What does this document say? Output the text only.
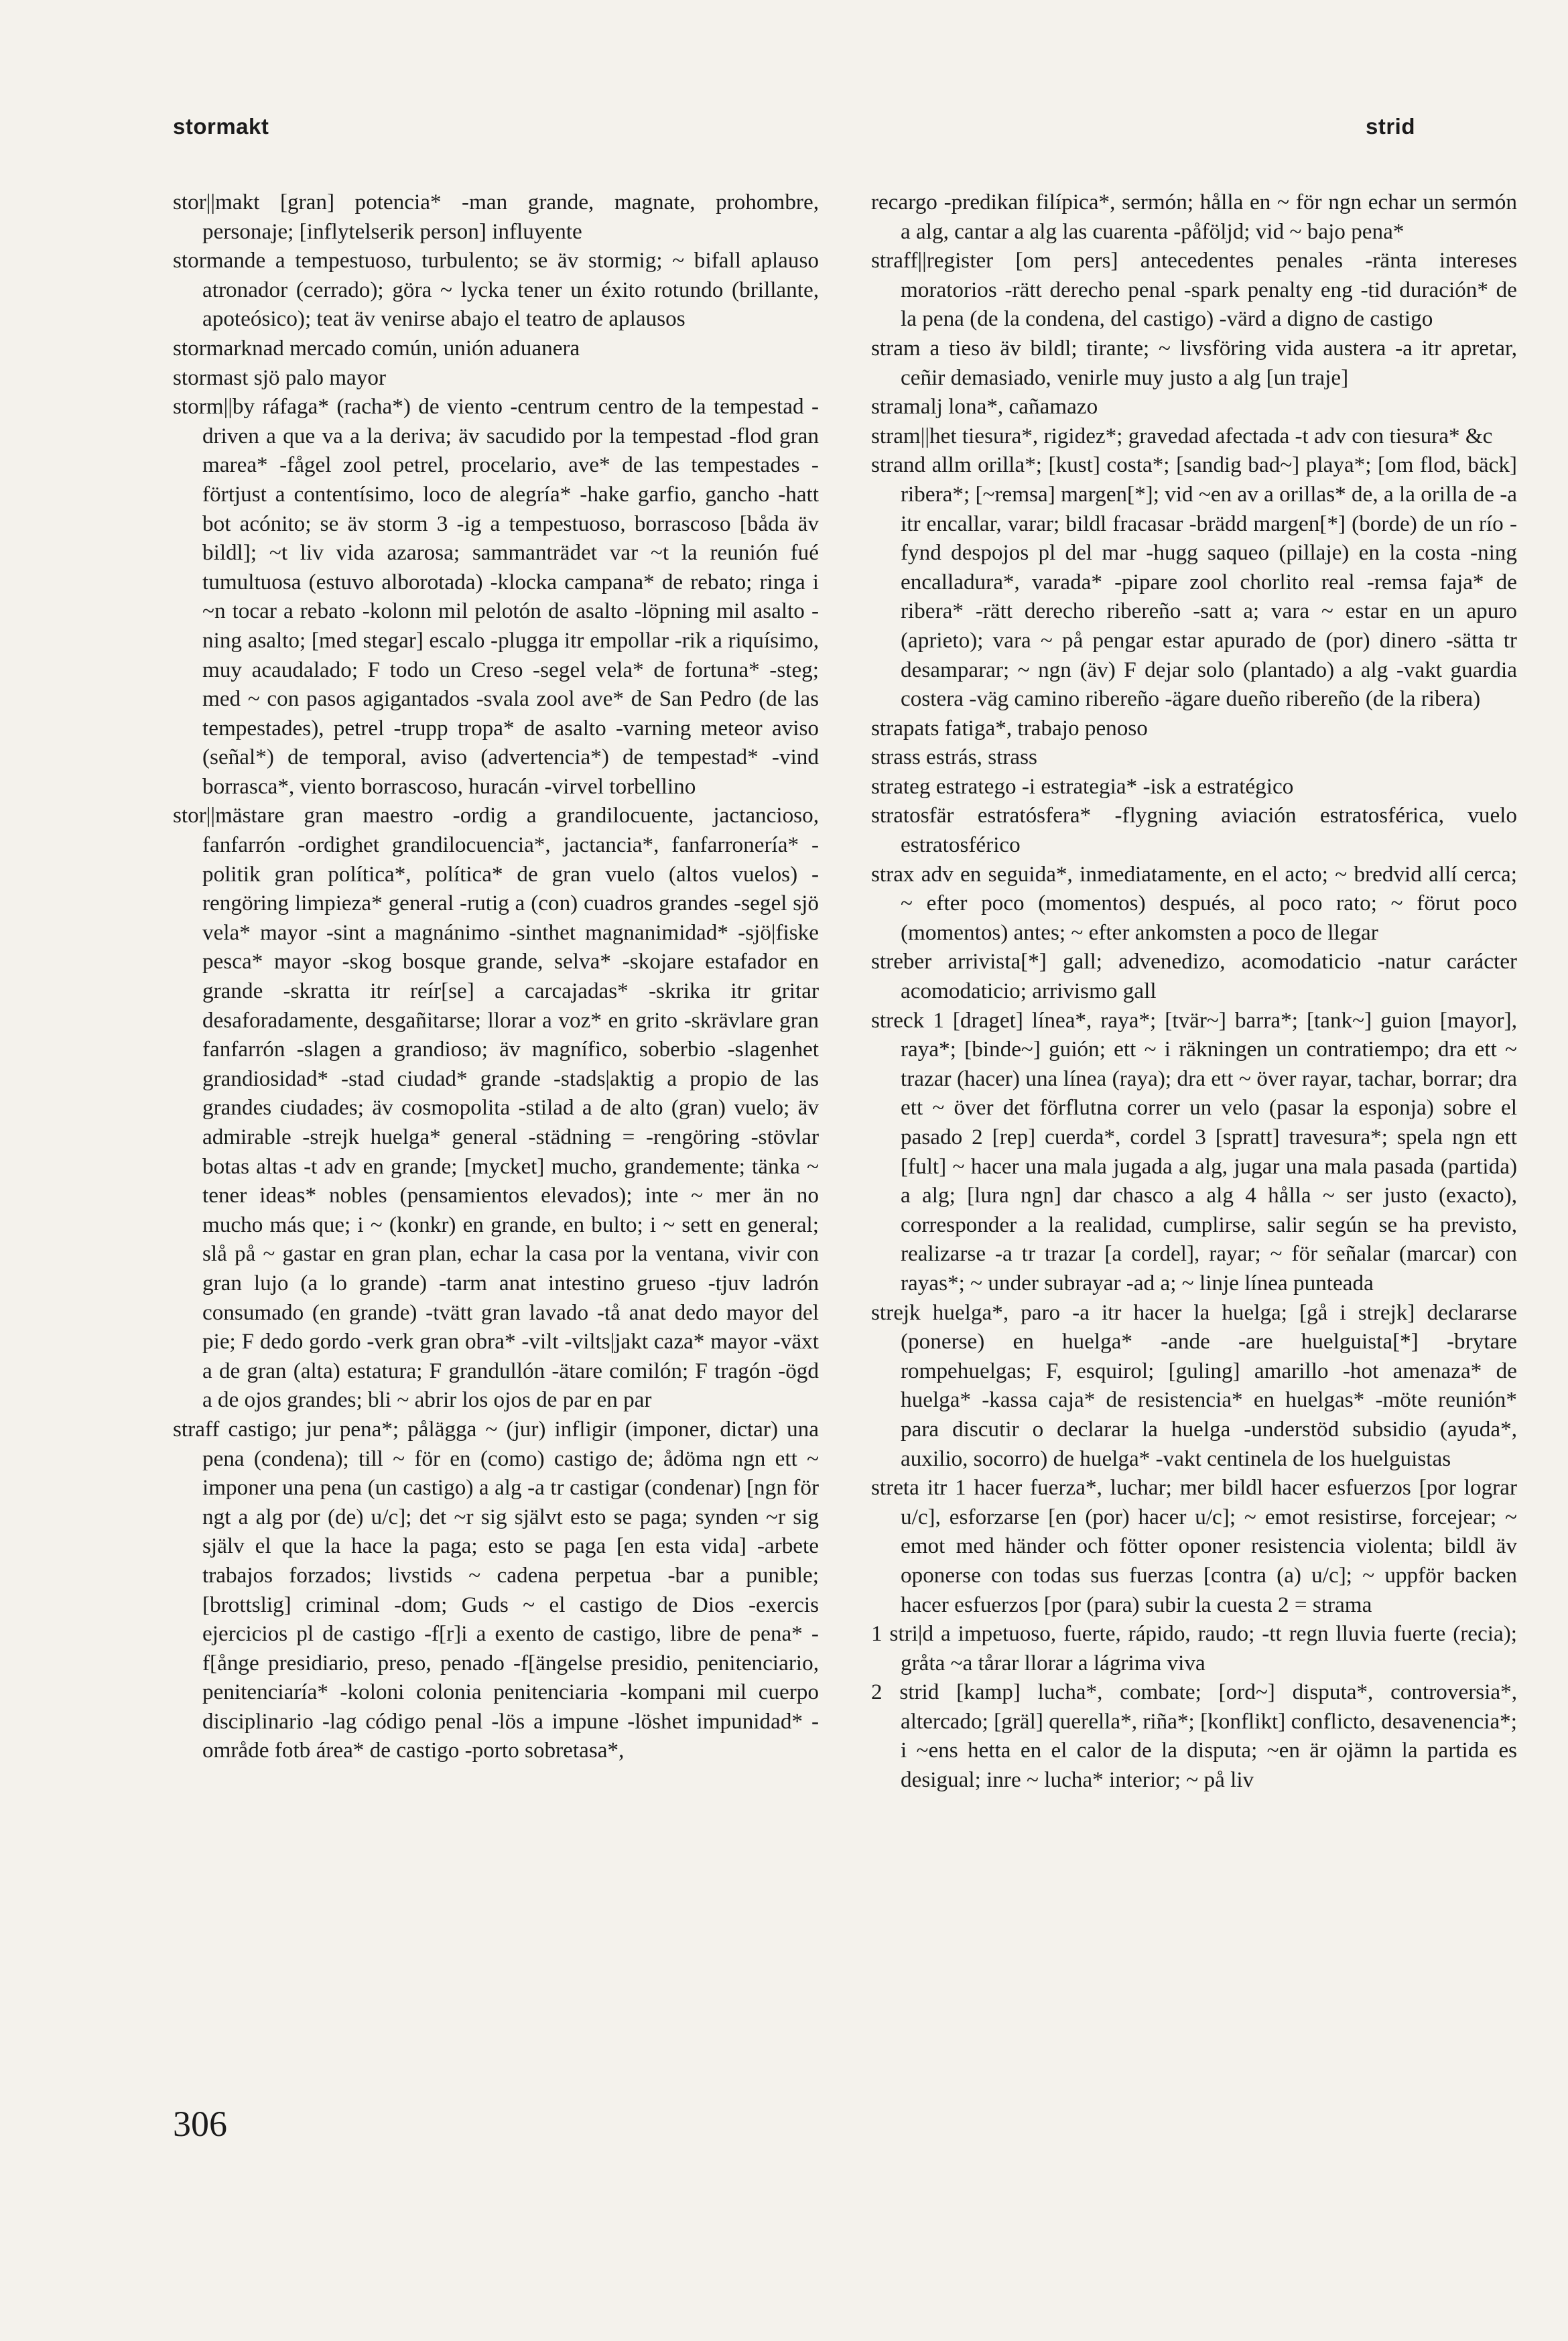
stormakt	strid

stor||makt [gran] potencia* -man grande, magnate, prohombre, personaje; [inflytelserik person] influyente

stormande a tempestuoso, turbulento; se äv stormig; ~ bifall aplauso atronador (cerrado); göra ~ lycka tener un éxito rotundo (brillante, apoteósico); teat äv venirse abajo el teatro de aplausos

stormarknad mercado común, unión aduanera

stormast sjö palo mayor

storm||by ráfaga* (racha*) de viento -centrum centro de la tempestad -driven a que va a la deriva; äv sacudido por la tempestad -flod gran marea* -fågel zool petrel, procelario, ave* de las tempestades -förtjust a contentísimo, loco de alegría* -hake garfio, gancho -hatt bot acónito; se äv storm 3 -ig a tempestuoso, borrascoso [båda äv bildl]; ~t liv vida azarosa; sammanträdet var ~t la reunión fué tumultuosa (estuvo alborotada) -klocka campana* de rebato; ringa i ~n tocar a rebato -kolonn mil pelotón de asalto -löpning mil asalto -ning asalto; [med stegar] escalo -plugga itr empollar -rik a riquísimo, muy acaudalado; F todo un Creso -segel vela* de fortuna* -steg; med ~ con pasos agigantados -svala zool ave* de San Pedro (de las tempestades), petrel -trupp tropa* de asalto -varning meteor aviso (señal*) de temporal, aviso (advertencia*) de tempestad* -vind borrasca*, viento borrascoso, huracán -virvel torbellino

stor||mästare gran maestro -ordig a grandilocuente, jactancioso, fanfarrón -ordighet grandilocuencia*, jactancia*, fanfarronería* -politik gran política*, política* de gran vuelo (altos vuelos) -rengöring limpieza* general -rutig a (con) cuadros grandes -segel sjö vela* mayor -sint a magnánimo -sinthet magnanimidad* -sjö|fiske pesca* mayor -skog bosque grande, selva* -skojare estafador en grande -skratta itr reír[se] a carcajadas* -skrika itr gritar desaforadamente, desgañitarse; llorar a voz* en grito -skrävlare gran fanfarrón -slagen a grandioso; äv magnífico, soberbio -slagenhet grandiosidad* -stad ciudad* grande -stads|aktig a propio de las grandes ciudades; äv cosmopolita -stilad a de alto (gran) vuelo; äv admirable -strejk huelga* general -städning = -rengöring -stövlar botas altas -t adv en grande; [mycket] mucho, grandemente; tänka ~ tener ideas* nobles (pensamientos elevados); inte ~ mer än no mucho más que; i ~ (konkr) en grande, en bulto; i ~ sett en general; slå på ~ gastar en gran plan, echar la casa por la ventana, vivir con gran lujo (a lo grande) -tarm anat intestino grueso -tjuv ladrón consumado (en grande) -tvätt gran lavado -tå anat dedo mayor del pie; F dedo gordo -verk gran obra* -vilt -vilts|jakt caza* mayor -växt a de gran (alta) estatura; F grandullón -ätare comilón; F tragón -ögd a de ojos grandes; bli ~ abrir los ojos de par en par

straff castigo; jur pena*; pålägga ~ (jur) infligir (imponer, dictar) una pena (condena); till ~ för en (como) castigo de; ådöma ngn ett ~ imponer una pena (un castigo) a alg -a tr castigar (condenar) [ngn för ngt a alg por (de) u/c]; det ~r sig självt esto se paga; synden ~r sig själv el que la hace la paga; esto se paga [en esta vida] -arbete trabajos forzados; livstids ~ cadena perpetua -bar a punible; [brottslig] criminal -dom; Guds ~ el castigo de Dios -exercis ejercicios pl de castigo -f[r]i a exento de castigo, libre de pena* -f[ånge presidiario, preso, penado -f[ängelse presidio, penitenciario, penitenciaría* -koloni colonia penitenciaria -kompani mil cuerpo disciplinario -lag código penal -lös a impune -löshet impunidad* -område fotb área* de castigo -porto sobretasa*,

recargo -predikan filípica*, sermón; hålla en ~ för ngn echar un sermón a alg, cantar a alg las cuarenta -påföljd; vid ~ bajo pena*

straff||register [om pers] antecedentes penales -ränta intereses moratorios -rätt derecho penal -spark penalty eng -tid duración* de la pena (de la condena, del castigo) -värd a digno de castigo

stram a tieso äv bildl; tirante; ~ livsföring vida austera -a itr apretar, ceñir demasiado, venirle muy justo a alg [un traje]

stramalj lona*, cañamazo

stram||het tiesura*, rigidez*; gravedad afectada -t adv con tiesura* &c

strand allm orilla*; [kust] costa*; [sandig bad~] playa*; [om flod, bäck] ribera*; [~remsa] margen[*]; vid ~en av a orillas* de, a la orilla de -a itr encallar, varar; bildl fracasar -brädd margen[*] (borde) de un río -fynd despojos pl del mar -hugg saqueo (pillaje) en la costa -ning encalladura*, varada* -pipare zool chorlito real -remsa faja* de ribera* -rätt derecho ribereño -satt a; vara ~ estar en un apuro (aprieto); vara ~ på pengar estar apurado de (por) dinero -sätta tr desamparar; ~ ngn (äv) F dejar solo (plantado) a alg -vakt guardia costera -väg camino ribereño -ägare dueño ribereño (de la ribera)

strapats fatiga*, trabajo penoso

strass estrás, strass

strateg estratego -i estrategia* -isk a estratégico

stratosfär estratósfera* -flygning aviación estratosférica, vuelo estratosférico

strax adv en seguida*, inmediatamente, en el acto; ~ bredvid allí cerca; ~ efter poco (momentos) después, al poco rato; ~ förut poco (momentos) antes; ~ efter ankomsten a poco de llegar

streber arrivista[*] gall; advenedizo, acomodaticio -natur carácter acomodaticio; arrivismo gall

streck 1 [draget] línea*, raya*; [tvär~] barra*; [tank~] guion [mayor], raya*; [binde~] guión; ett ~ i räkningen un contratiempo; dra ett ~ trazar (hacer) una línea (raya); dra ett ~ över rayar, tachar, borrar; dra ett ~ över det förflutna correr un velo (pasar la esponja) sobre el pasado 2 [rep] cuerda*, cordel 3 [spratt] travesura*; spela ngn ett [fult] ~ hacer una mala jugada a alg, jugar una mala pasada (partida) a alg; [lura ngn] dar chasco a alg 4 hålla ~ ser justo (exacto), corresponder a la realidad, cumplirse, salir según se ha previsto, realizarse -a tr trazar [a cordel], rayar; ~ för señalar (marcar) con rayas*; ~ under subrayar -ad a; ~ linje línea punteada

strejk huelga*, paro -a itr hacer la huelga; [gå i strejk] declararse (ponerse) en huelga* -ande -are huelguista[*] -brytare rompehuelgas; F, esquirol; [guling] amarillo -hot amenaza* de huelga* -kassa caja* de resistencia* en huelgas* -möte reunión* para discutir o declarar la huelga -understöd subsidio (ayuda*, auxilio, socorro) de huelga* -vakt centinela de los huelguistas

streta itr 1 hacer fuerza*, luchar; mer bildl hacer esfuerzos [por lograr u/c], esforzarse [en (por) hacer u/c]; ~ emot resistirse, forcejear; ~ emot med händer och fötter oponer resistencia violenta; bildl äv oponerse con todas sus fuerzas [contra (a) u/c]; ~ uppför backen hacer esfuerzos [por (para) subir la cuesta 2 = strama

1 stri|d a impetuoso, fuerte, rápido, raudo; -tt regn lluvia fuerte (recia); gråta ~a tårar llorar a lágrima viva

2 strid [kamp] lucha*, combate; [ord~] disputa*, controversia*, altercado; [gräl] querella*, riña*; [konflikt] conflicto, desavenencia*; i ~ens hetta en el calor de la disputa; ~en är ojämn la partida es desigual; inre ~ lucha* interior; ~ på liv

306
